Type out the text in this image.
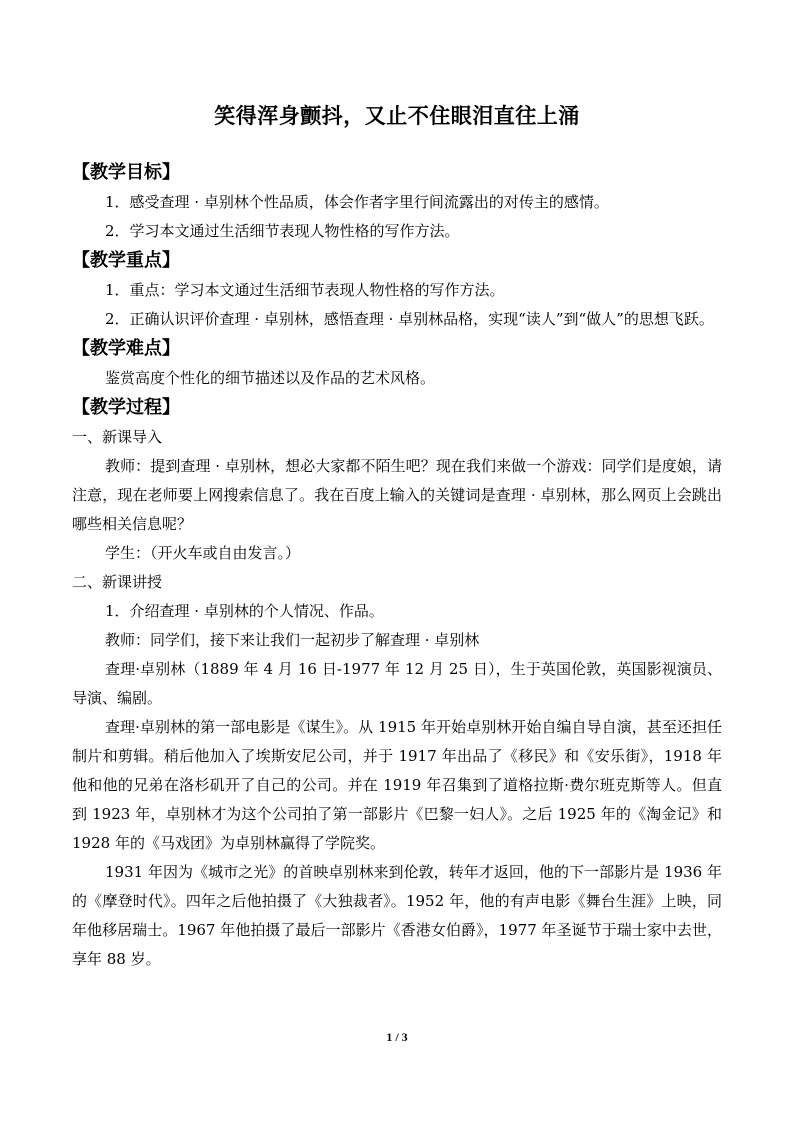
笑得浑身颤抖，又止不住眼泪直往上涌
【教学目标】
1．感受查理 · 卓别林个性品质，体会作者字里行间流露出的对传主的感情。
2．学习本文通过生活细节表现人物性格的写作方法。
【教学重点】
1．重点：学习本文通过生活细节表现人物性格的写作方法。
2．正确认识评价查理 · 卓别林，感悟查理 · 卓别林品格，实现“读人”到“做人”的思想飞跃。
【教学难点】
鉴赏高度个性化的细节描述以及作品的艺术风格。
【教学过程】
一、新课导入
教师：提到查理 · 卓别林，想必大家都不陌生吧？现在我们来做一个游戏：同学们是度娘，请注意，现在老师要上网搜索信息了。我在百度上输入的关键词是查理 · 卓别林，那么网页上会跳出哪些相关信息呢？
学生：（开火车或自由发言。）
二、新课讲授
1．介绍查理 · 卓别林的个人情况、作品。
教师：同学们，接下来让我们一起初步了解查理 · 卓别林
查理·卓别林（1889 年 4 月 16 日-1977 年 12 月 25 日），生于英国伦敦，英国影视演员、导演、编剧。
查理·卓别林的第一部电影是《谋生》。从 1915 年开始卓别林开始自编自导自演，甚至还担任制片和剪辑。稍后他加入了埃斯安尼公司，并于 1917 年出品了《移民》和《安乐街》，1918 年他和他的兄弟在洛杉矶开了自己的公司。并在 1919 年召集到了道格拉斯·费尔班克斯等人。但直到 1923 年，卓别林才为这个公司拍了第一部影片《巴黎一妇人》。之后 1925 年的《淘金记》和 1928 年的《马戏团》为卓别林赢得了学院奖。
1931 年因为《城市之光》的首映卓别林来到伦敦，转年才返回，他的下一部影片是 1936 年的《摩登时代》。四年之后他拍摄了《大独裁者》。1952 年，他的有声电影《舞台生涯》上映，同年他移居瑞士。1967 年他拍摄了最后一部影片《香港女伯爵》，1977 年圣诞节于瑞士家中去世，享年 88 岁。
1 / 3
